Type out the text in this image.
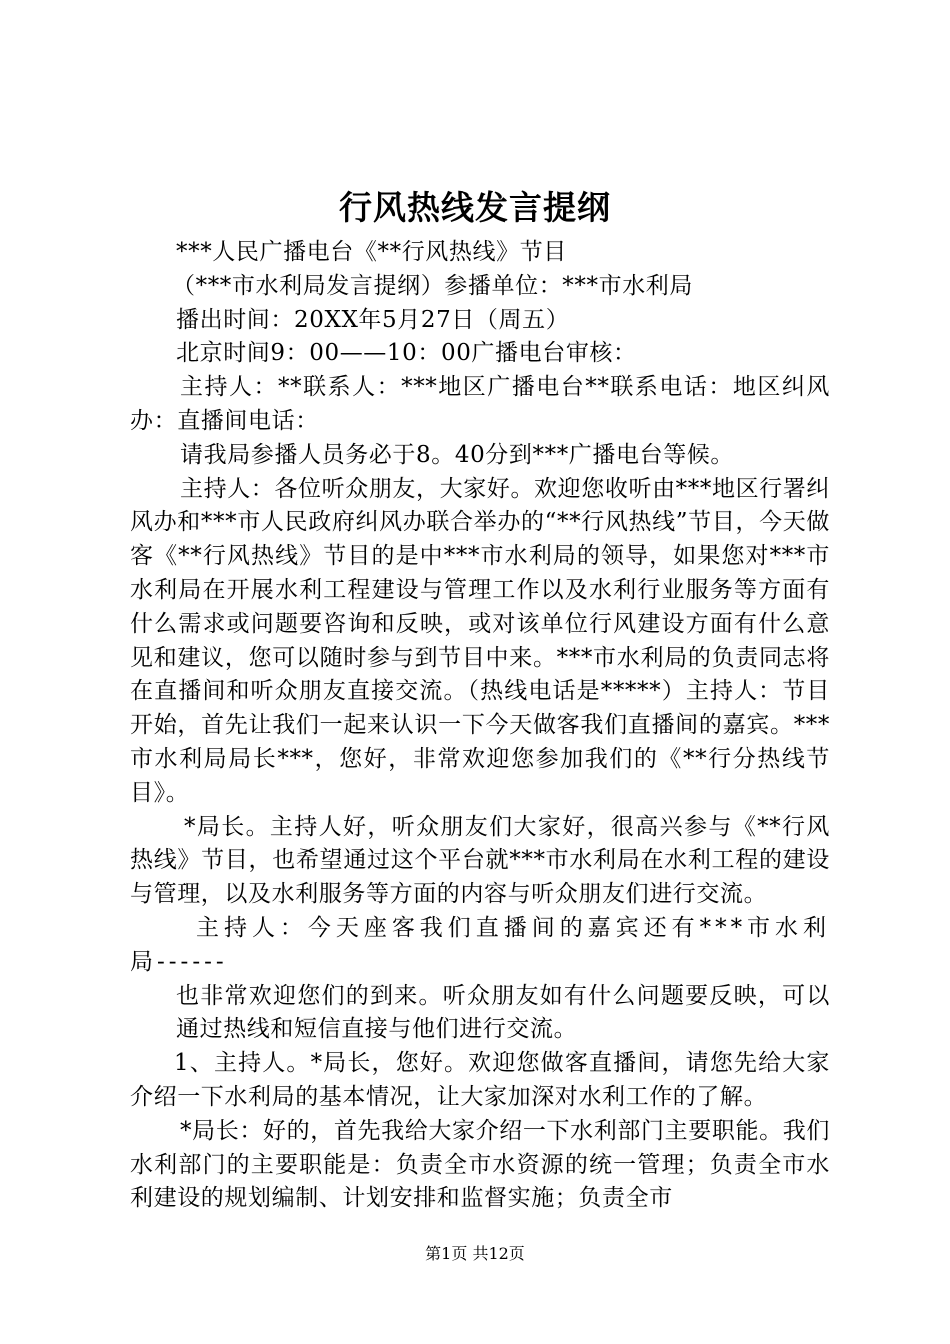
行风热线发言提纲

***人民广播电台《**行风热线》节目

（***市水利局发言提纲）参播单位：***市水利局

播出时间：20XX年5月27日（周五）

北京时间9：00——10：00广播电台审核：

主持人：**联系人：***地区广播电台**联系电话：地区纠风办：直播间电话：

请我局参播人员务必于8。40分到***广播电台等候。

主持人：各位听众朋友，大家好。欢迎您收听由***地区行署纠风办和***市人民政府纠风办联合举办的“**行风热线”节目，今天做客《**行风热线》节目的是中***市水利局的领导，如果您对***市水利局在开展水利工程建设与管理工作以及水利行业服务等方面有什么需求或问题要咨询和反映，或对该单位行风建设方面有什么意见和建议，您可以随时参与到节目中来。***市水利局的负责同志将在直播间和听众朋友直接交流。（热线电话是*****）主持人：节目开始，首先让我们一起来认识一下今天做客我们直播间的嘉宾。***市水利局局长***，您好，非常欢迎您参加我们的《**行分热线节目》。

*局长。主持人好，听众朋友们大家好，很高兴参与《**行风热线》节目，也希望通过这个平台就***市水利局在水利工程的建设与管理，以及水利服务等方面的内容与听众朋友们进行交流。

主持人：今天座客我们直播间的嘉宾还有***市水利局------

也非常欢迎您们的到来。听众朋友如有什么问题要反映，可以通过热线和短信直接与他们进行交流。

1、主持人。*局长，您好。欢迎您做客直播间，请您先给大家介绍一下水利局的基本情况，让大家加深对水利工作的了解。

*局长：好的，首先我给大家介绍一下水利部门主要职能。我们水利部门的主要职能是：负责全市水资源的统一管理；负责全市水利建设的规划编制、计划安排和监督实施；负责全市

第1页 共12页
